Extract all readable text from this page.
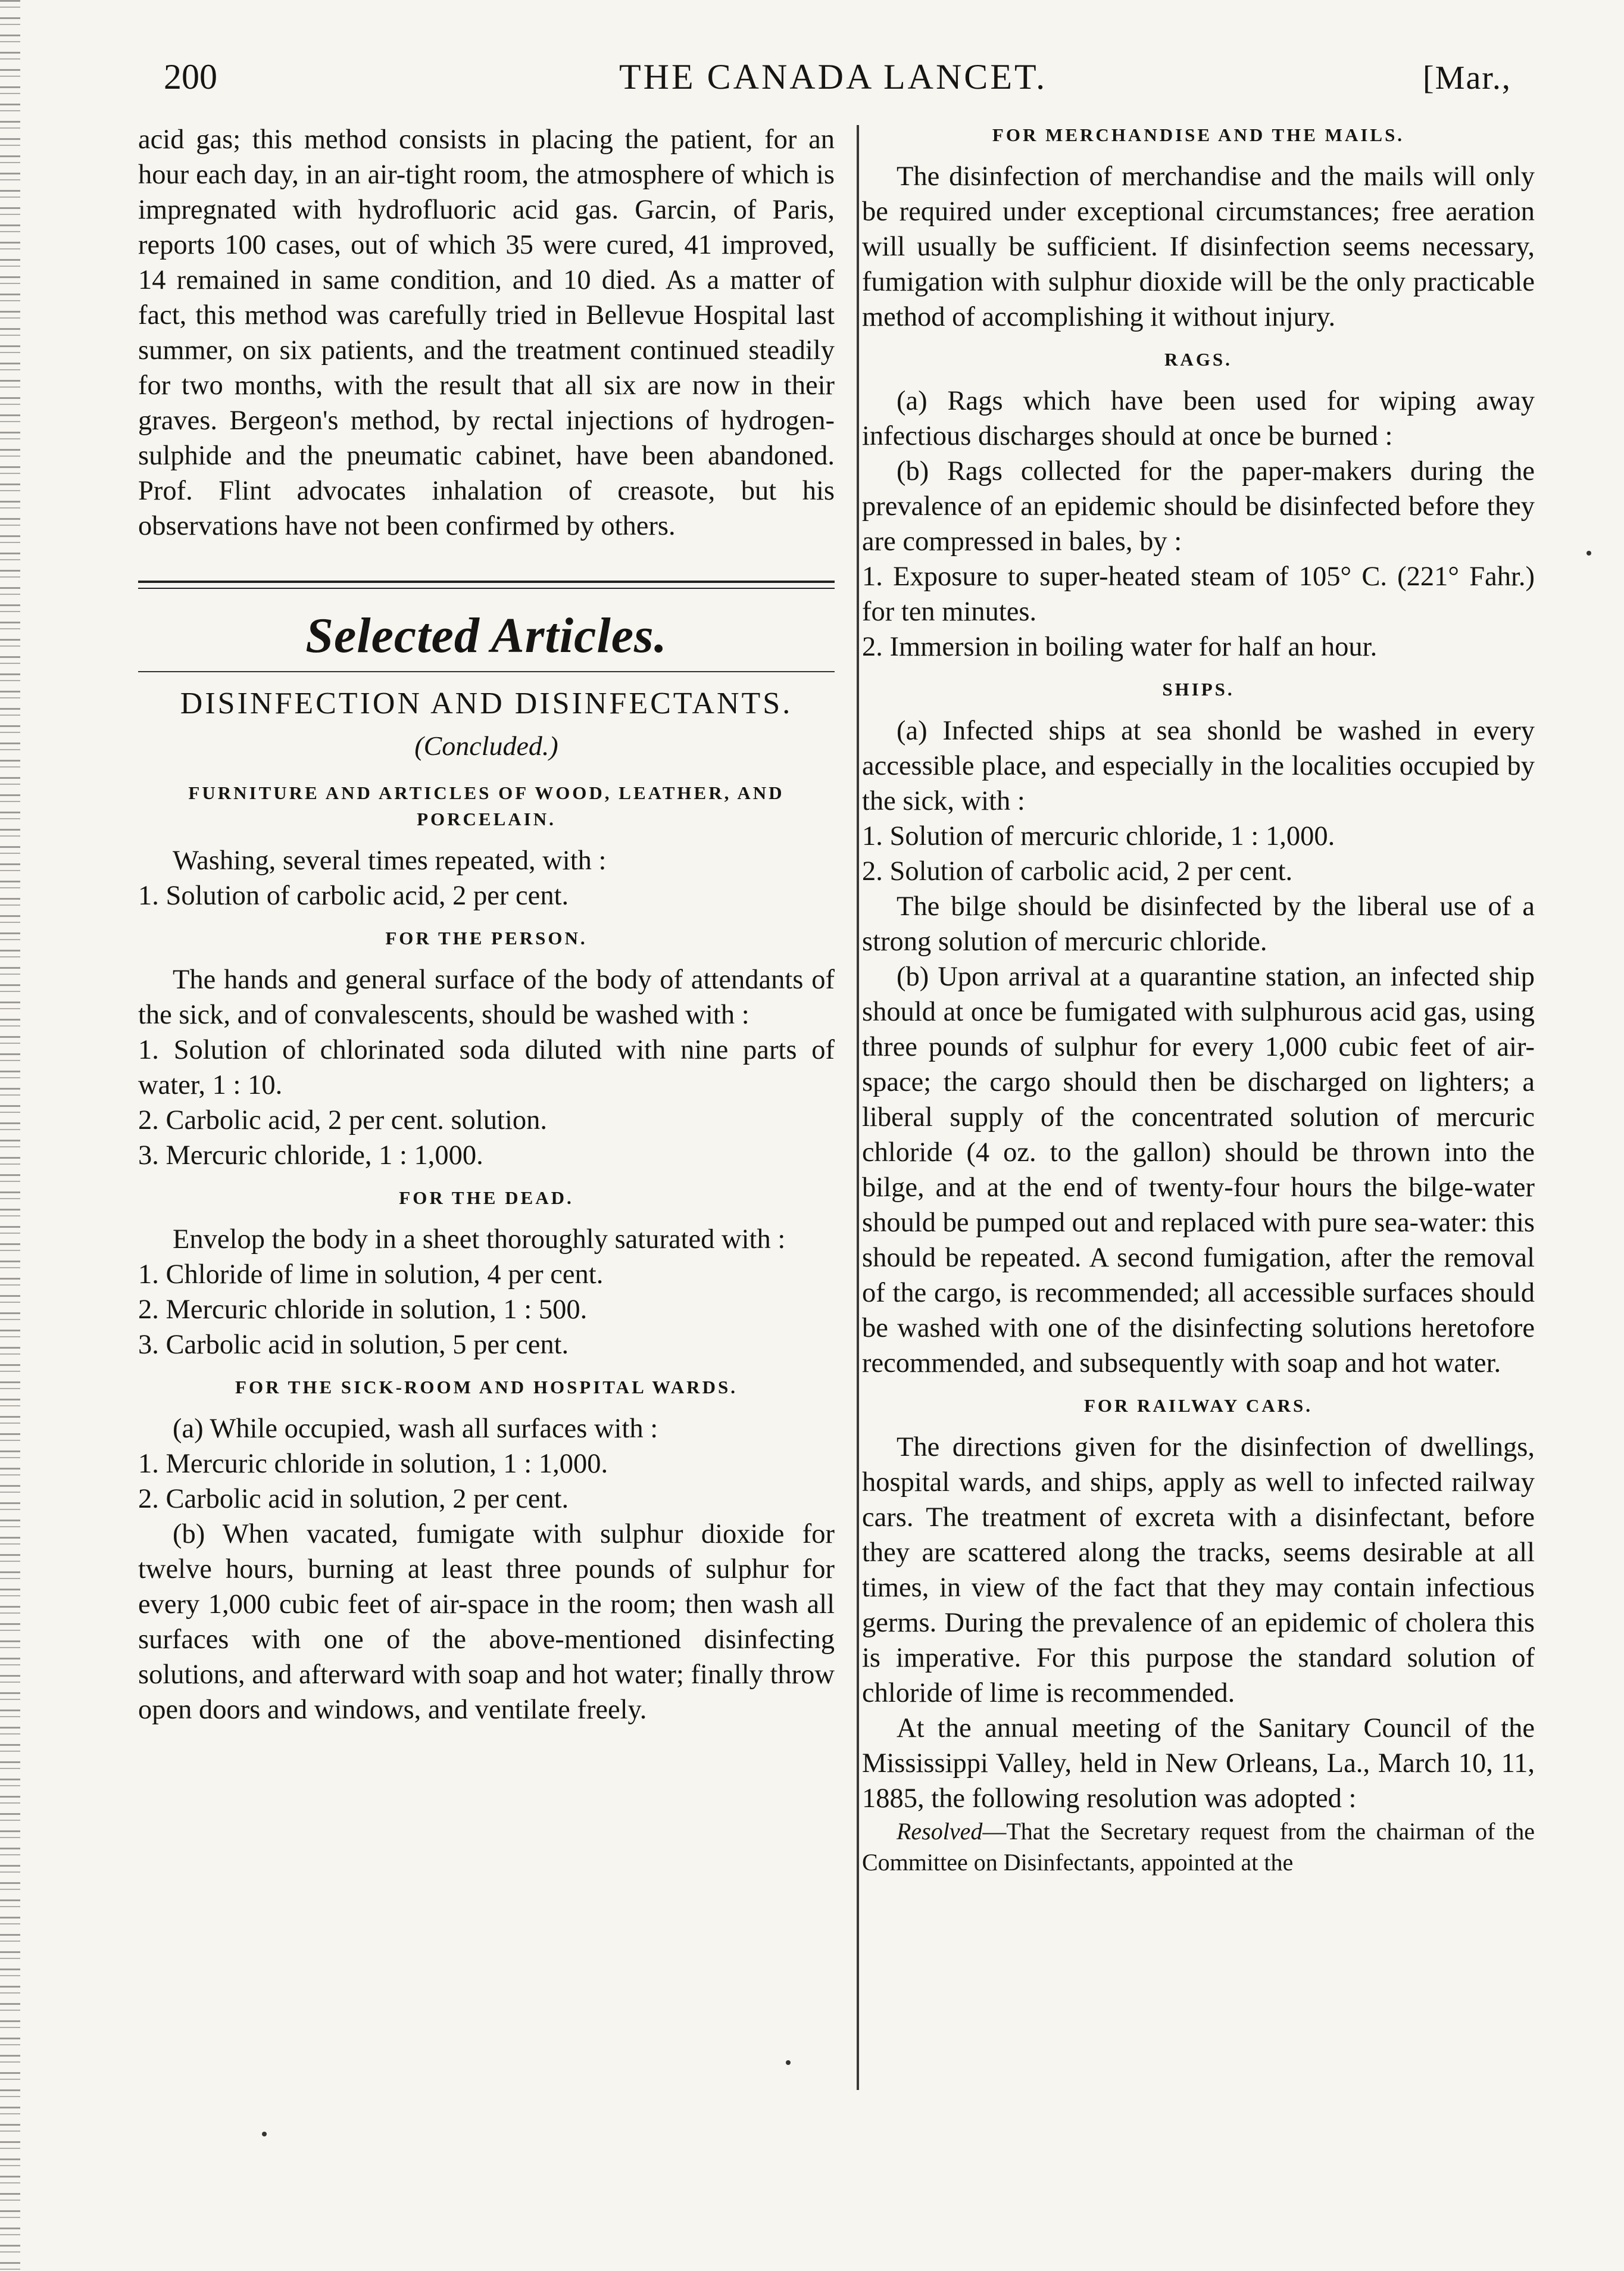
200	THE CANADA LANCET.	[Mar.,

acid gas; this method consists in placing the patient, for an hour each day, in an air-tight room, the atmosphere of which is impregnated with hydrofluoric acid gas. Garcin, of Paris, reports 100 cases, out of which 35 were cured, 41 improved, 14 remained in same condition, and 10 died. As a matter of fact, this method was carefully tried in Bellevue Hospital last summer, on six patients, and the treatment continued steadily for two months, with the result that all six are now in their graves. Bergeon's method, by rectal injections of hydrogen-sulphide and the pneumatic cabinet, have been abandoned. Prof. Flint advocates inhalation of creasote, but his observations have not been confirmed by others.

Selected Articles.
DISINFECTION AND DISINFECTANTS.
(Concluded.)
FURNITURE AND ARTICLES OF WOOD, LEATHER, AND PORCELAIN.

Washing, several times repeated, with :

1. Solution of carbolic acid, 2 per cent.

FOR THE PERSON.

The hands and general surface of the body of attendants of the sick, and of convalescents, should be washed with :

1. Solution of chlorinated soda diluted with nine parts of water, 1 : 10.

2. Carbolic acid, 2 per cent. solution.

3. Mercuric chloride, 1 : 1,000.

FOR THE DEAD.

Envelop the body in a sheet thoroughly saturated with :

1. Chloride of lime in solution, 4 per cent.

2. Mercuric chloride in solution, 1 : 500.

3. Carbolic acid in solution, 5 per cent.

FOR THE SICK-ROOM AND HOSPITAL WARDS.

(a) While occupied, wash all surfaces with :

1. Mercuric chloride in solution, 1 : 1,000.

2. Carbolic acid in solution, 2 per cent.

(b) When vacated, fumigate with sulphur dioxide for twelve hours, burning at least three pounds of sulphur for every 1,000 cubic feet of air-space in the room; then wash all surfaces with one of the above-mentioned disinfecting solutions, and afterward with soap and hot water; finally throw open doors and windows, and ventilate freely.

FOR MERCHANDISE AND THE MAILS.

The disinfection of merchandise and the mails will only be required under exceptional circumstances; free aeration will usually be sufficient. If disinfection seems necessary, fumigation with sulphur dioxide will be the only practicable method of accomplishing it without injury.

RAGS.

(a) Rags which have been used for wiping away infectious discharges should at once be burned :

(b) Rags collected for the paper-makers during the prevalence of an epidemic should be disinfected before they are compressed in bales, by :

1. Exposure to super-heated steam of 105° C. (221° Fahr.) for ten minutes.

2. Immersion in boiling water for half an hour.

SHIPS.

(a) Infected ships at sea shonld be washed in every accessible place, and especially in the localities occupied by the sick, with :

1. Solution of mercuric chloride, 1 : 1,000.

2. Solution of carbolic acid, 2 per cent.

The bilge should be disinfected by the liberal use of a strong solution of mercuric chloride.

(b) Upon arrival at a quarantine station, an infected ship should at once be fumigated with sulphurous acid gas, using three pounds of sulphur for every 1,000 cubic feet of air-space; the cargo should then be discharged on lighters; a liberal supply of the concentrated solution of mercuric chloride (4 oz. to the gallon) should be thrown into the bilge, and at the end of twenty-four hours the bilge-water should be pumped out and replaced with pure sea-water: this should be repeated. A second fumigation, after the removal of the cargo, is recommended; all accessible surfaces should be washed with one of the disinfecting solutions heretofore recommended, and subsequently with soap and hot water.

FOR RAILWAY CARS.

The directions given for the disinfection of dwellings, hospital wards, and ships, apply as well to infected railway cars. The treatment of excreta with a disinfectant, before they are scattered along the tracks, seems desirable at all times, in view of the fact that they may contain infectious germs. During the prevalence of an epidemic of cholera this is imperative. For this purpose the standard solution of chloride of lime is recommended.

At the annual meeting of the Sanitary Council of the Mississippi Valley, held in New Orleans, La., March 10, 11, 1885, the following resolution was adopted :

Resolved—That the Secretary request from the chairman of the Committee on Disinfectants, appointed at the
